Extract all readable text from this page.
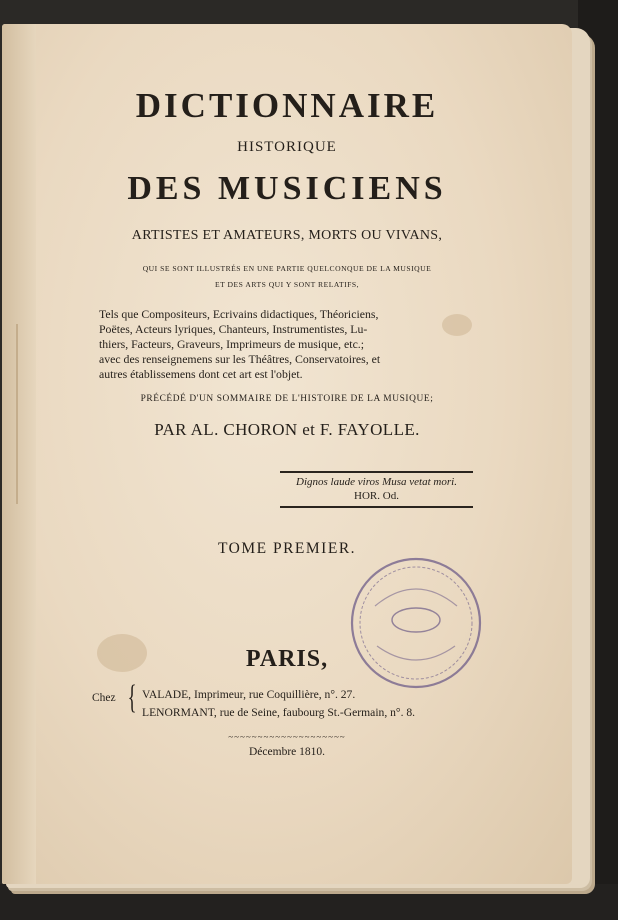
DICTIONNAIRE
HISTORIQUE
DES MUSICIENS
ARTISTES ET AMATEURS, MORTS OU VIVANS,
QUI SE SONT ILLUSTRÉS EN UNE PARTIE QUELCONQUE DE LA MUSIQUE
ET DES ARTS QUI Y SONT RELATIFS,
Tels que Compositeurs, Ecrivains didactiques, Théoriciens,
Poëtes, Acteurs lyriques, Chanteurs, Instrumentistes, Lu-
thiers, Facteurs, Graveurs, Imprimeurs de musique, etc.;
avec des renseignemens sur les Théâtres, Conservatoires, et
autres établissemens dont cet art est l'objet.
PRÉCÉDÉ D'UN SOMMAIRE DE L'HISTOIRE DE LA MUSIQUE;
PAR AL. CHORON et F. FAYOLLE.
Dignos laude viros Musa vetat mori.
HOR. Od.
TOME PREMIER.
PARIS,
Chez { VALADE, Imprimeur, rue Coquillière, n°. 27.
LENORMANT, rue de Seine, faubourg St.-Germain, n°. 8.
~~~~~~~~~~~~~~~~~~~~
Décembre 1810.
